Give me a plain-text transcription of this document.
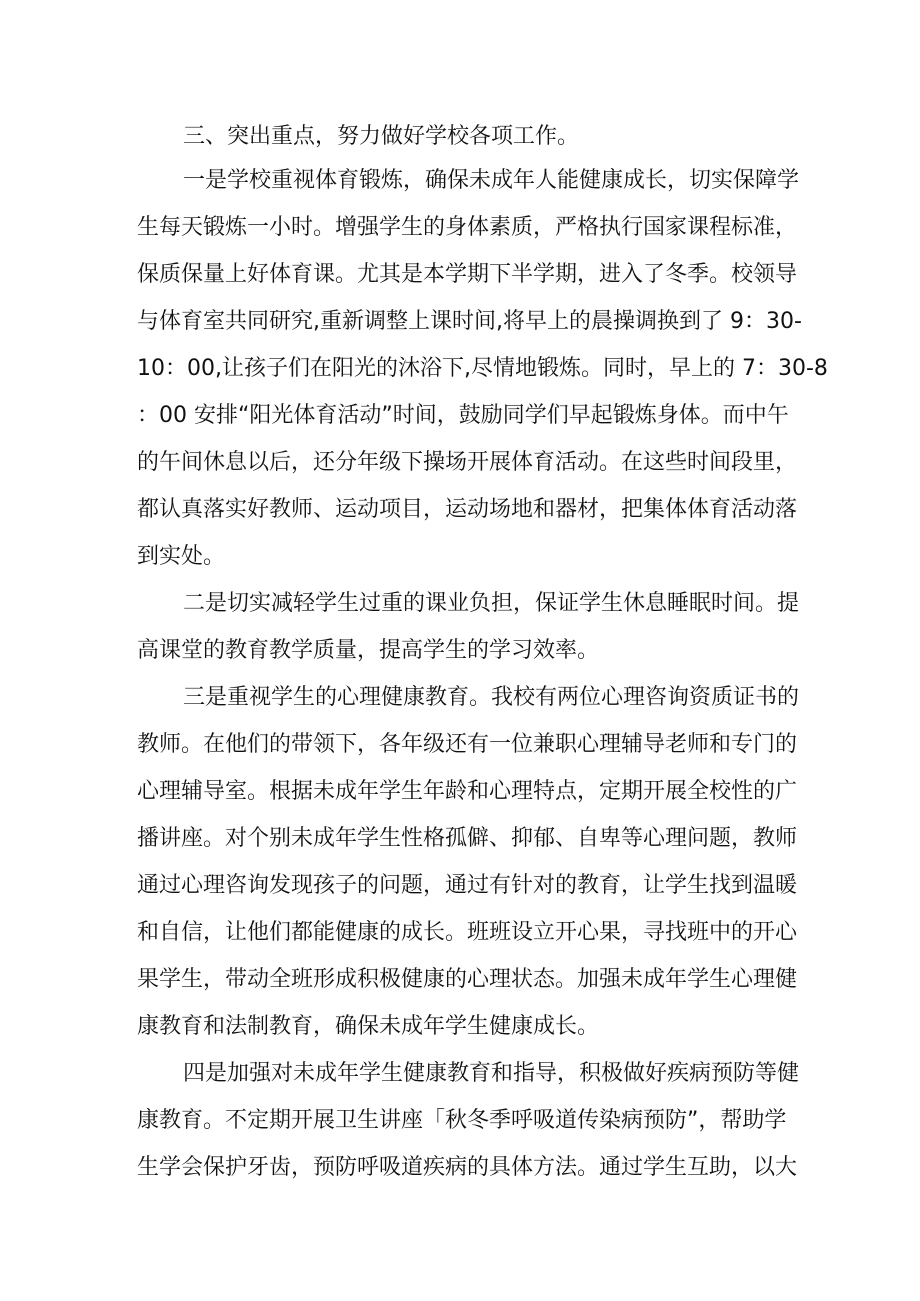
三、突出重点，努力做好学校各项工作。

一是学校重视体育锻炼，确保未成年人能健康成长，切实保障学

生每天锻炼一小时。增强学生的身体素质，严格执行国家课程标准，

保质保量上好体育课。尤其是本学期下半学期，进入了冬季。校领导

与体育室共同研究,重新调整上课时间,将早上的晨操调换到了 9：30-

10：00,让孩子们在阳光的沐浴下,尽情地锻炼。同时，早上的 7：30-8

：00 安排“阳光体育活动”时间，鼓励同学们早起锻炼身体。而中午

的午间休息以后，还分年级下操场开展体育活动。在这些时间段里，

都认真落实好教师、运动项目，运动场地和器材，把集体体育活动落

到实处。

二是切实减轻学生过重的课业负担，保证学生休息睡眠时间。提

高课堂的教育教学质量，提高学生的学习效率。

三是重视学生的心理健康教育。我校有两位心理咨询资质证书的

教师。在他们的带领下，各年级还有一位兼职心理辅导老师和专门的

心理辅导室。根据未成年学生年龄和心理特点，定期开展全校性的广

播讲座。对个别未成年学生性格孤僻、抑郁、自卑等心理问题，教师

通过心理咨询发现孩子的问题，通过有针对的教育，让学生找到温暖

和自信，让他们都能健康的成长。班班设立开心果，寻找班中的开心

果学生，带动全班形成积极健康的心理状态。加强未成年学生心理健

康教育和法制教育，确保未成年学生健康成长。

四是加强对未成年学生健康教育和指导，积极做好疾病预防等健

康教育。不定期开展卫生讲座「秋冬季呼吸道传染病预防”，帮助学

生学会保护牙齿，预防呼吸道疾病的具体方法。通过学生互助，以大
